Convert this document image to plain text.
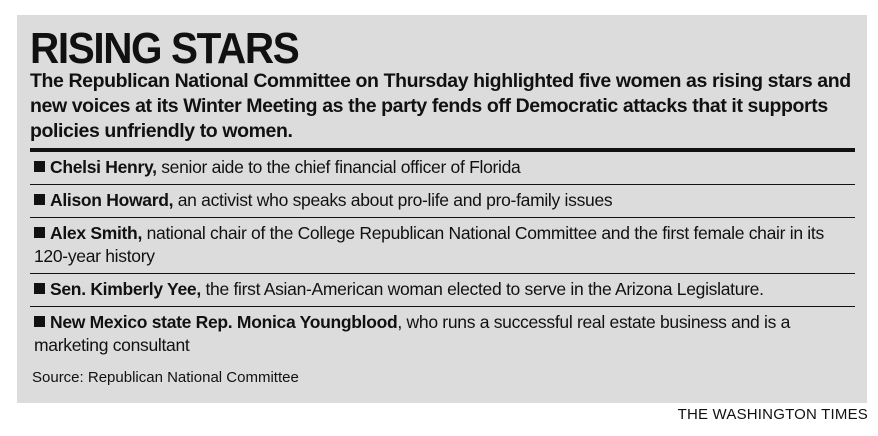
RISING STARS
The Republican National Committee on Thursday highlighted five women as rising stars and new voices at its Winter Meeting as the party fends off Democratic attacks that it supports policies unfriendly to women.
Chelsi Henry, senior aide to the chief financial officer of Florida
Alison Howard, an activist who speaks about pro-life and pro-family issues
Alex Smith, national chair of the College Republican National Committee and the first female chair in its 120-year history
Sen. Kimberly Yee, the first Asian-American woman elected to serve in the Arizona Legislature.
New Mexico state Rep. Monica Youngblood, who runs a successful real estate business and is a marketing consultant
Source: Republican National Committee
THE WASHINGTON TIMES
